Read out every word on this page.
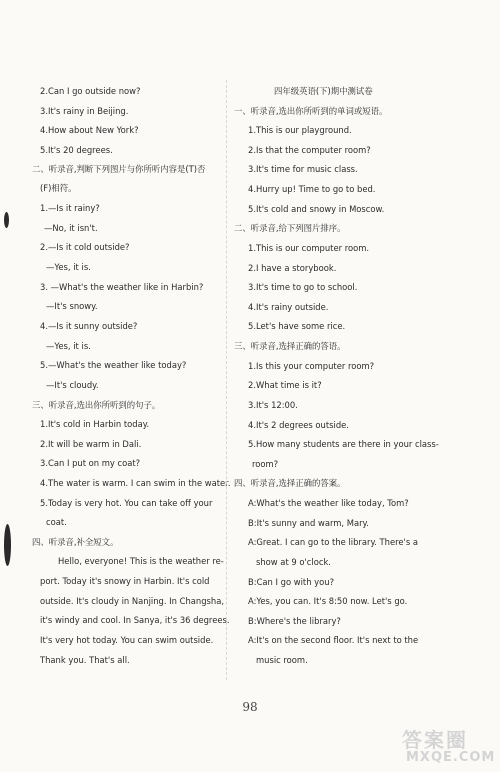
2.Can I go outside now?
3.It's rainy in Beijing.
4.How about New York?
5.It's 20 degrees.
二、听录音,判断下列图片与你所听内容是(T)否
(F)相符。
1.—Is it rainy?
—No, it isn't.
2.—Is it cold outside?
—Yes, it is.
3. —What's the weather like in Harbin?
—It's snowy.
4.—Is it sunny outside?
—Yes, it is.
5.—What's the weather like today?
—It's cloudy.
三、听录音,选出你所听到的句子。
1.It's cold in Harbin today.
2.It will be warm in Dali.
3.Can I put on my coat?
4.The water is warm. I can swim in the water.
5.Today is very hot. You can take off your
coat.
四、听录音,补全短文。
Hello, everyone! This is the weather re-
port. Today it's snowy in Harbin. It's cold
outside. It's cloudy in Nanjing. In Changsha,
it's windy and cool. In Sanya, it's 36 degrees.
It's very hot today. You can swim outside.
Thank you. That's all.
四年级英语(下)期中测试卷
一、听录音,选出你所听到的单词或短语。
1.This is our playground.
2.Is that the computer room?
3.It's time for music class.
4.Hurry up! Time to go to bed.
5.It's cold and snowy in Moscow.
二、听录音,给下列图片排序。
1.This is our computer room.
2.I have a storybook.
3.It's time to go to school.
4.It's rainy outside.
5.Let's have some rice.
三、听录音,选择正确的答语。
1.Is this your computer room?
2.What time is it?
3.It's 12:00.
4.It's 2 degrees outside.
5.How many students are there in your class-
room?
四、听录音,选择正确的答案。
A:What's the weather like today, Tom?
B:It's sunny and warm, Mary.
A:Great. I can go to the library. There's a
show at 9 o'clock.
B:Can I go with you?
A:Yes, you can. It's 8:50 now. Let's go.
B:Where's the library?
A:It's on the second floor. It's next to the
music room.
98
答案圈
MXQE.COM
